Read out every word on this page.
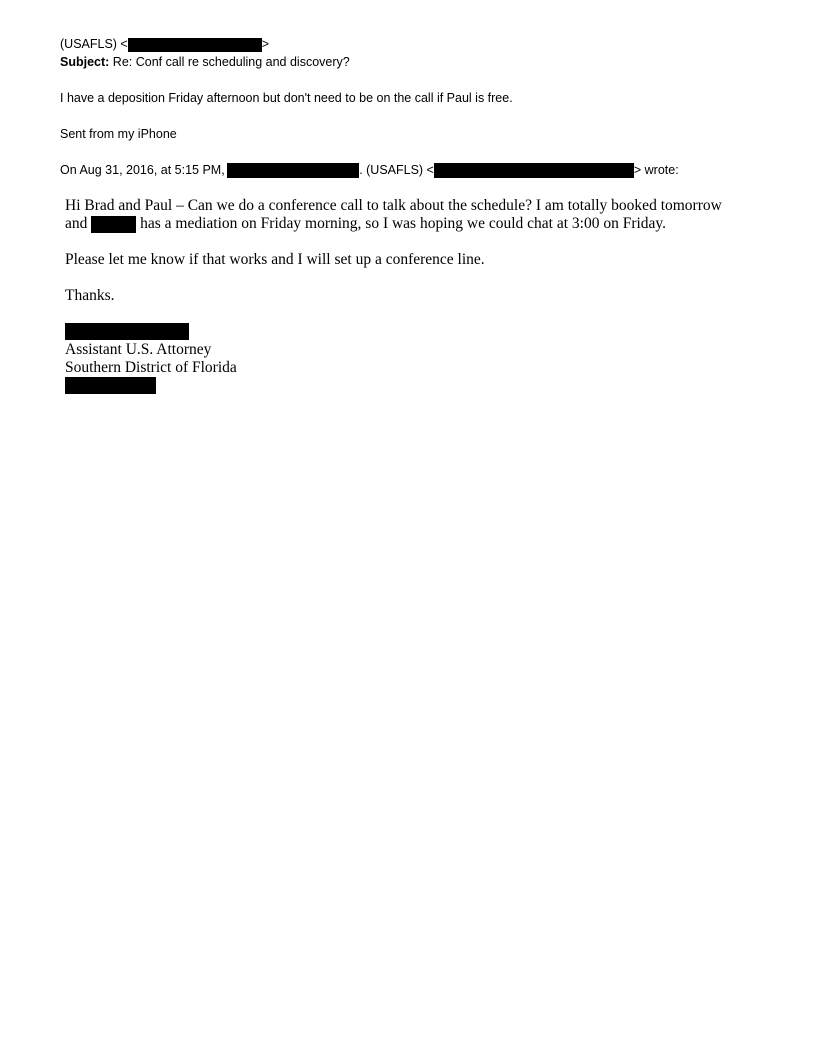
(USAFLS) <	>
Subject: Re: Conf call re scheduling and discovery?
I have a deposition Friday afternoon but don't need to be on the call if Paul is free.
Sent from my iPhone
On Aug 31, 2016, at 5:15 PM,	. (USAFLS) <	> wrote:
Hi Brad and Paul – Can we do a conference call to talk about the schedule? I am totally booked tomorrow
and	has a mediation on Friday morning, so I was hoping we could chat at 3:00 on Friday.
Please let me know if that works and I will set up a conference line.
Thanks.
Assistant U.S. Attorney
Southern District of Florida
